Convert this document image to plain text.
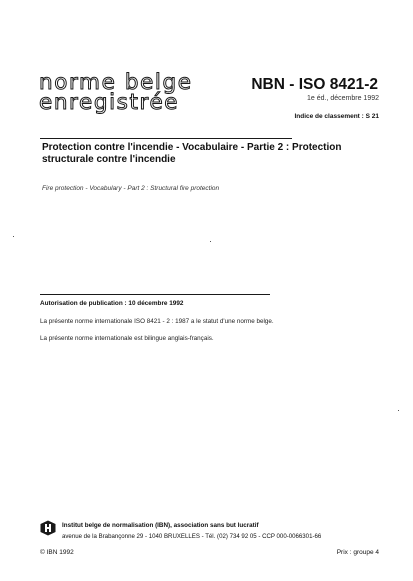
norme belge
enregistrée
NBN - ISO 8421-2
1e éd., décembre 1992
Indice de classement : S 21
Protection contre l'incendie - Vocabulaire - Partie 2 : Protection structurale contre l'incendie
Fire protection - Vocabulary - Part 2 : Structural fire protection
Autorisation de publication : 10 décembre 1992
La présente norme internationale ISO 8421 - 2 : 1987 a le statut d'une norme belge.
La présente norme internationale est bilingue anglais-français.
Institut belge de normalisation (IBN), association sans but lucratif
avenue de la Brabançonne 29 - 1040 BRUXELLES - Tél. (02) 734 92 05 - CCP 000-0066301-66
© IBN 1992	Prix : groupe 4
